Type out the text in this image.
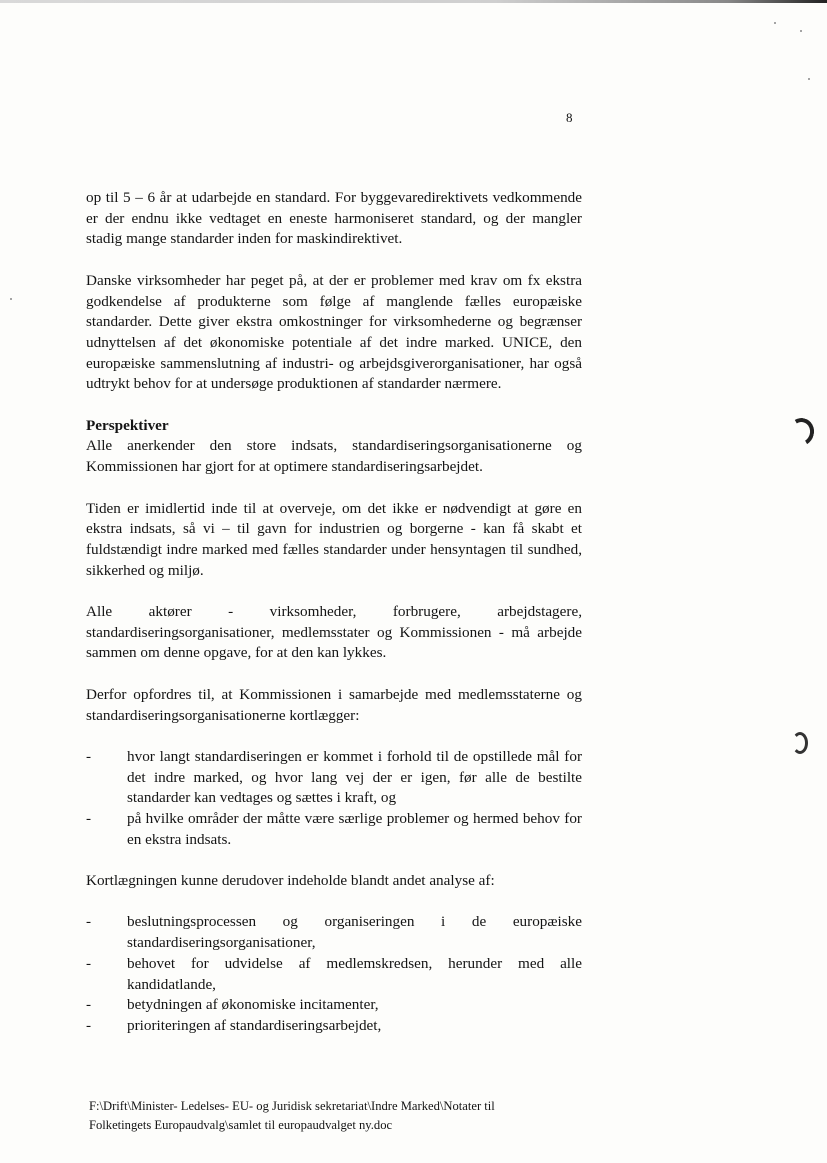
8

op til 5 – 6 år at udarbejde en standard. For byggevaredirektivets vedkommende er der endnu ikke vedtaget en eneste harmoniseret standard, og der mangler stadig mange standarder inden for maskindirektivet.

Danske virksomheder har peget på, at der er problemer med krav om fx ekstra godkendelse af produkterne som følge af manglende fælles europæiske standarder. Dette giver ekstra omkostninger for virksomhederne og begrænser udnyttelsen af det økonomiske potentiale af det indre marked. UNICE, den europæiske sammenslutning af industri- og arbejdsgiverorganisationer, har også udtrykt behov for at undersøge produktionen af standarder nærmere.

Perspektiver

Alle anerkender den store indsats, standardiseringsorganisationerne og Kommissionen har gjort for at optimere standardiseringsarbejdet.

Tiden er imidlertid inde til at overveje, om det ikke er nødvendigt at gøre en ekstra indsats, så vi – til gavn for industrien og borgerne - kan få skabt et fuldstændigt indre marked med fælles standarder under hensyntagen til sundhed, sikkerhed og miljø.

Alle aktører - virksomheder, forbrugere, arbejdstagere, standardiseringsorganisationer, medlemsstater og Kommissionen - må arbejde sammen om denne opgave, for at den kan lykkes.

Derfor opfordres til, at Kommissionen i samarbejde med medlemsstaterne og standardiseringsorganisationerne kortlægger:

- hvor langt standardiseringen er kommet i forhold til de opstillede mål for det indre marked, og hvor lang vej der er igen, før alle de bestilte standarder kan vedtages og sættes i kraft, og
- på hvilke områder der måtte være særlige problemer og hermed behov for en ekstra indsats.

Kortlægningen kunne derudover indeholde blandt andet analyse af:

- beslutningsprocessen og organiseringen i de europæiske standardiseringsorganisationer,
- behovet for udvidelse af medlemskredsen, herunder med alle kandidatlande,
- betydningen af økonomiske incitamenter,
- prioriteringen af standardiseringsarbejdet,
F:\Drift\Minister- Ledelses- EU- og Juridisk sekretariat\Indre Marked\Notater til
Folketingets Europaudvalg\samlet til europaudvalget ny.doc
